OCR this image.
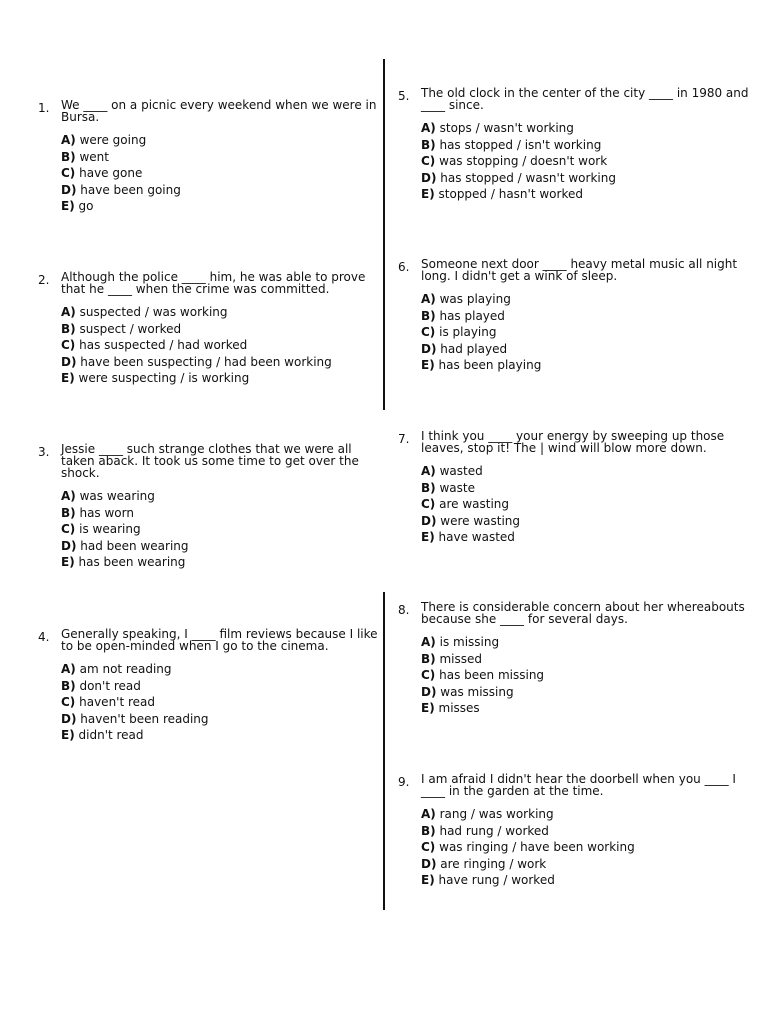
1. We ____ on a picnic every weekend when we were in Bursa.
A) were going
B) went
C) have gone
D) have been going
E) go
2. Although the police ____ him, he was able to prove that he ____ when the crime was committed.
A) suspected / was working
B) suspect / worked
C) has suspected / had worked
D) have been suspecting / had been working
E) were suspecting / is working
3. Jessie ____ such strange clothes that we were all taken aback. It took us some time to get over the shock.
A) was wearing
B) has worn
C) is wearing
D) had been wearing
E) has been wearing
4. Generally speaking, I ____ film reviews because I like to be open-minded when I go to the cinema.
A) am not reading
B) don't read
C) haven't read
D) haven't been reading
E) didn't read
5. The old clock in the center of the city ____ in 1980 and ____ since.
A) stops / wasn't working
B) has stopped / isn't working
C) was stopping / doesn't work
D) has stopped / wasn't working
E) stopped / hasn't worked
6. Someone next door ____ heavy metal music all night long. I didn't get a wink of sleep.
A) was playing
B) has played
C) is playing
D) had played
E) has been playing
7. I think you ____ your energy by sweeping up those leaves, stop it! The | wind will blow more down.
A) wasted
B) waste
C) are wasting
D) were wasting
E) have wasted
8. There is considerable concern about her whereabouts because she ____ for several days.
A) is missing
B) missed
C) has been missing
D) was missing
E) misses
9. I am afraid I didn't hear the doorbell when you ____ I ____ in the garden at the time.
A) rang / was working
B) had rung / worked
C) was ringing / have been working
D) are ringing / work
E) have rung / worked
